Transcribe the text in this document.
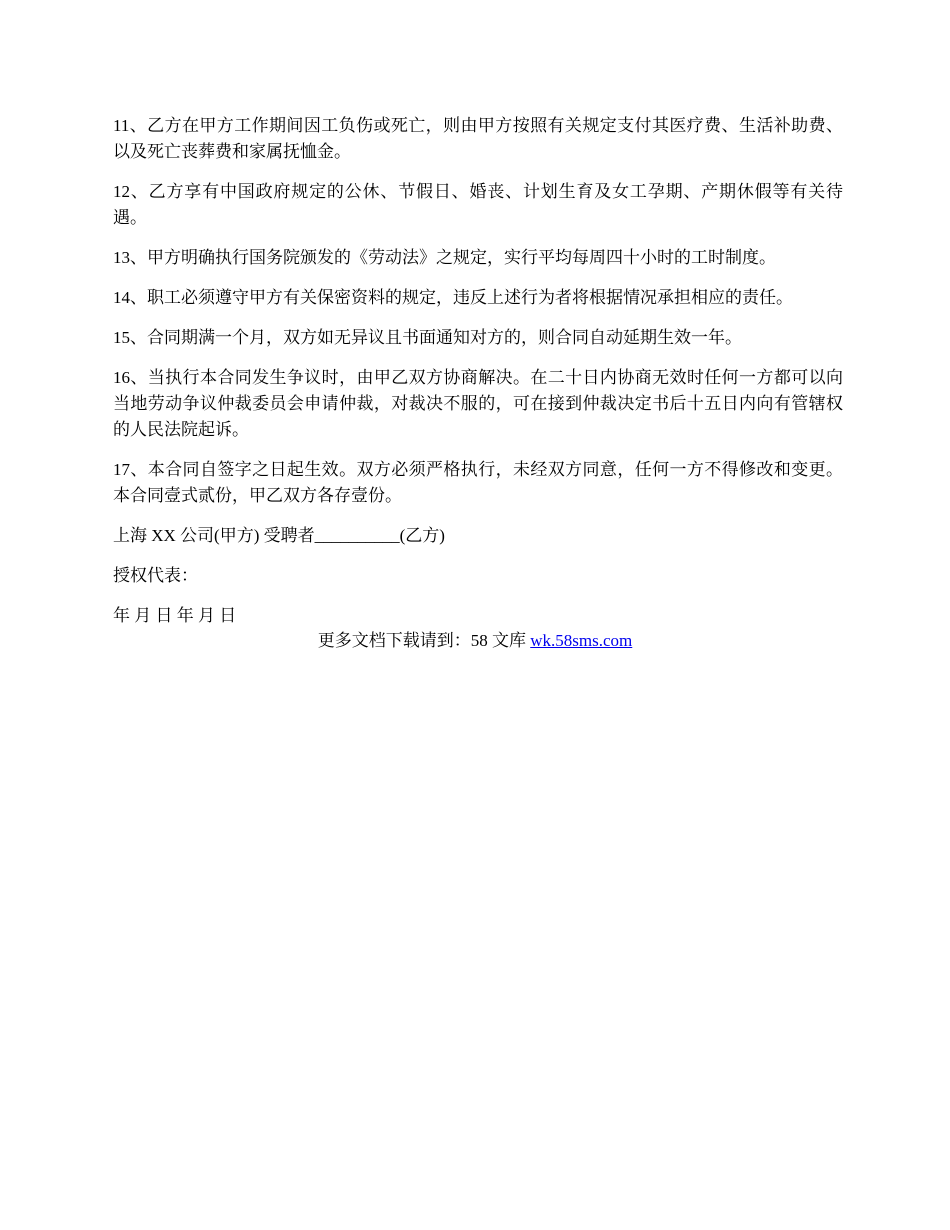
11、乙方在甲方工作期间因工负伤或死亡，则由甲方按照有关规定支付其医疗费、生活补助费、以及死亡丧葬费和家属抚恤金。

12、乙方享有中国政府规定的公休、节假日、婚丧、计划生育及女工孕期、产期休假等有关待遇。

13、甲方明确执行国务院颁发的《劳动法》之规定，实行平均每周四十小时的工时制度。

14、职工必须遵守甲方有关保密资料的规定，违反上述行为者将根据情况承担相应的责任。

15、合同期满一个月，双方如无异议且书面通知对方的，则合同自动延期生效一年。

16、当执行本合同发生争议时，由甲乙双方协商解决。在二十日内协商无效时任何一方都可以向当地劳动争议仲裁委员会申请仲裁，对裁决不服的，可在接到仲裁决定书后十五日内向有管辖权的人民法院起诉。

17、本合同自签字之日起生效。双方必须严格执行，未经双方同意，任何一方不得修改和变更。本合同壹式贰份，甲乙双方各存壹份。

上海 XX 公司(甲方) 受聘者__________(乙方)

授权代表：

年 月 日 年 月 日

更多文档下载请到：58 文库 wk.58sms.com
